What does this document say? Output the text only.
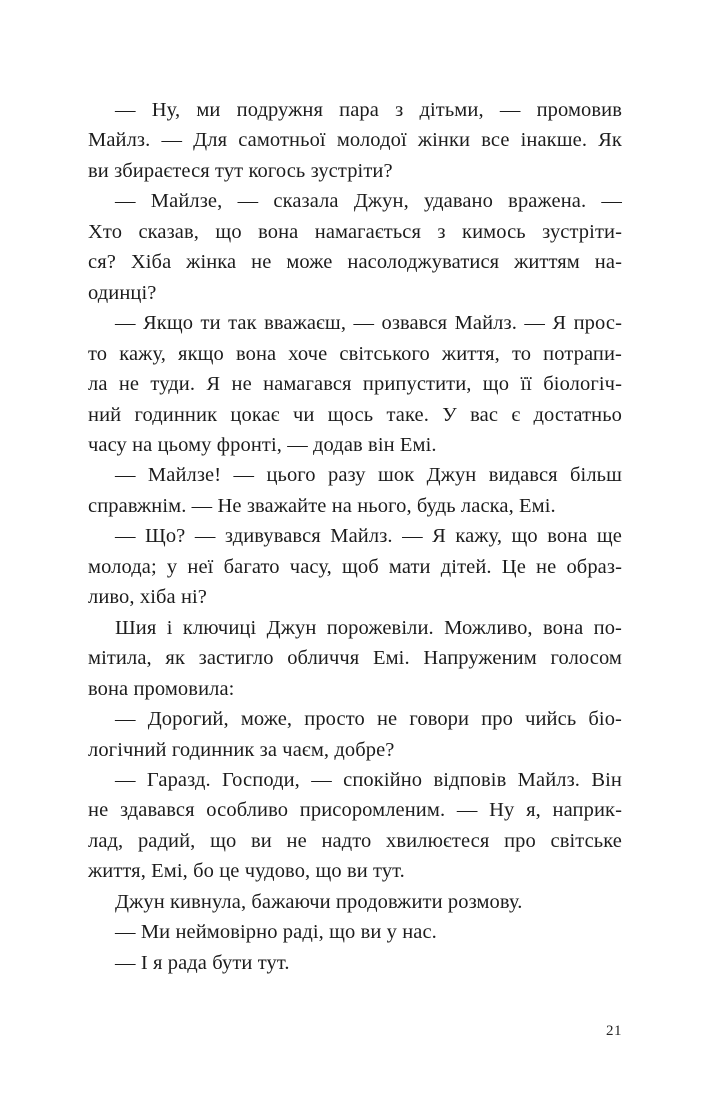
— Ну, ми подружня пара з дітьми, — промовив
Майлз. — Для самотньої молодої жінки все інакше. Як
ви збираєтеся тут когось зустріти?
— Майлзе, — сказала Джун, удавано вражена. —
Хто сказав, що вона намагається з кимось зустріти-
ся? Хіба жінка не може насолоджуватися життям на-
одинці?
— Якщо ти так вважаєш, — озвався Майлз. — Я прос-
то кажу, якщо вона хоче світського життя, то потрапи-
ла не туди. Я не намагався припустити, що її біологіч-
ний годинник цокає чи щось таке. У вас є достатньо
часу на цьому фронті, — додав він Емі.
— Майлзе! — цього разу шок Джун видався більш
справжнім. — Не зважайте на нього, будь ласка, Емі.
— Що? — здивувався Майлз. — Я кажу, що вона ще
молода; у неї багато часу, щоб мати дітей. Це не образ-
ливо, хіба ні?
Шия і ключиці Джун порожевіли. Можливо, вона по-
мітила, як застигло обличчя Емі. Напруженим голосом
вона промовила:
— Дорогий, може, просто не говори про чийсь біо-
логічний годинник за чаєм, добре?
— Гаразд. Господи, — спокійно відповів Майлз. Він
не здавався особливо присоромленим. — Ну я, наприк-
лад, радий, що ви не надто хвилюєтеся про світське
життя, Емі, бо це чудово, що ви тут.
Джун кивнула, бажаючи продовжити розмову.
— Ми неймовірно раді, що ви у нас.
— І я рада бути тут.
21
